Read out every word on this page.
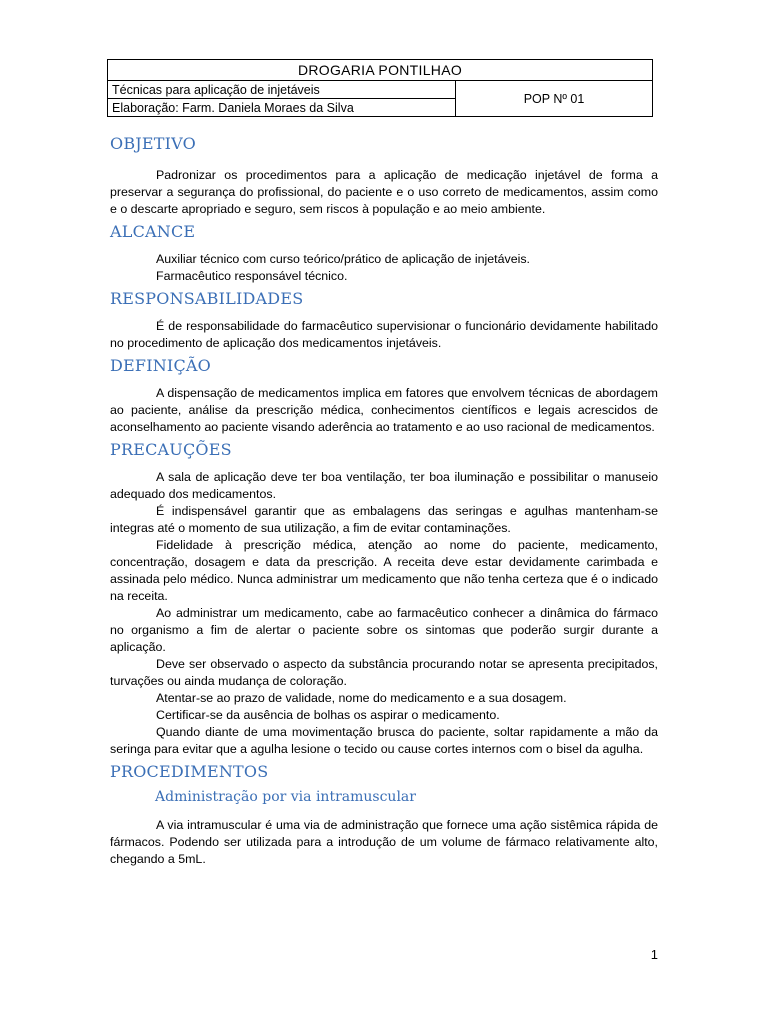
DROGARIA PONTILHAO
Técnicas para aplicação de injetáveis	POP Nº 01
Elaboração: Farm. Daniela Moraes da Silva
OBJETIVO

Padronizar os procedimentos para a aplicação de medicação injetável de forma a preservar a segurança do profissional, do paciente e o uso correto de medicamentos, assim como e o descarte apropriado e seguro, sem riscos à população e ao meio ambiente.

ALCANCE

Auxiliar técnico com curso teórico/prático de aplicação de injetáveis.

Farmacêutico responsável técnico.

RESPONSABILIDADES

É de responsabilidade do farmacêutico supervisionar o funcionário devidamente habilitado no procedimento de aplicação dos medicamentos injetáveis.

DEFINIÇÃO

A dispensação de medicamentos implica em fatores que envolvem técnicas de abordagem ao paciente, análise da prescrição médica, conhecimentos científicos e legais acrescidos de aconselhamento ao paciente visando aderência ao tratamento e ao uso racional de medicamentos.

PRECAUÇÕES

A sala de aplicação deve ter boa ventilação, ter boa iluminação e possibilitar o manuseio adequado dos medicamentos.

É indispensável garantir que as embalagens das seringas e agulhas mantenham-se integras até o momento de sua utilização, a fim de evitar contaminações.

Fidelidade à prescrição médica, atenção ao nome do paciente, medicamento, concentração, dosagem e data da prescrição. A receita deve estar devidamente carimbada e assinada pelo médico. Nunca administrar um medicamento que não tenha certeza que é o indicado na receita.

Ao administrar um medicamento, cabe ao farmacêutico conhecer a dinâmica do fármaco no organismo a fim de alertar o paciente sobre os sintomas que poderão surgir durante a aplicação.

Deve ser observado o aspecto da substância procurando notar se apresenta precipitados, turvações ou ainda mudança de coloração.

Atentar-se ao prazo de validade, nome do medicamento e a sua dosagem.

Certificar-se da ausência de bolhas os aspirar o medicamento.

Quando diante de uma movimentação brusca do paciente, soltar rapidamente a mão da seringa para evitar que a agulha lesione o tecido ou cause cortes internos com o bisel da agulha.

PROCEDIMENTOS
Administração por via intramuscular

A via intramuscular é uma via de administração que fornece uma ação sistêmica rápida de fármacos. Podendo ser utilizada para a introdução de um volume de fármaco relativamente alto, chegando a 5mL.

1
